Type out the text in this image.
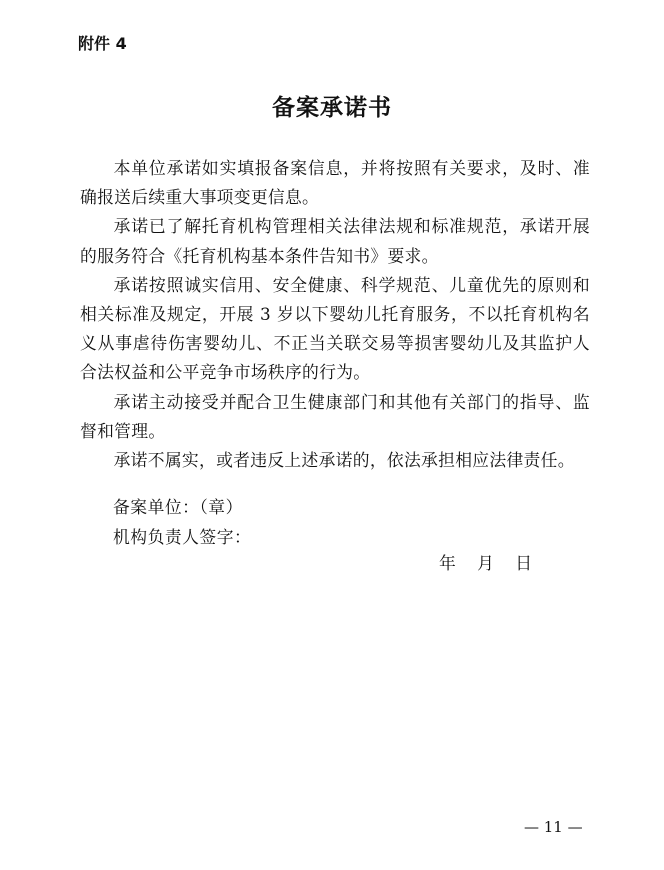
附件 4
备案承诺书

本单位承诺如实填报备案信息，并将按照有关要求，及时、准确报送后续重大事项变更信息。

承诺已了解托育机构管理相关法律法规和标准规范，承诺开展的服务符合《托育机构基本条件告知书》要求。

承诺按照诚实信用、安全健康、科学规范、儿童优先的原则和相关标准及规定，开展 3 岁以下婴幼儿托育服务，不以托育机构名义从事虐待伤害婴幼儿、不正当关联交易等损害婴幼儿及其监护人合法权益和公平竞争市场秩序的行为。

承诺主动接受并配合卫生健康部门和其他有关部门的指导、监督和管理。

承诺不属实，或者违反上述承诺的，依法承担相应法律责任。

备案单位：（章）
机构负责人签字：
年    月    日
— 11 —
